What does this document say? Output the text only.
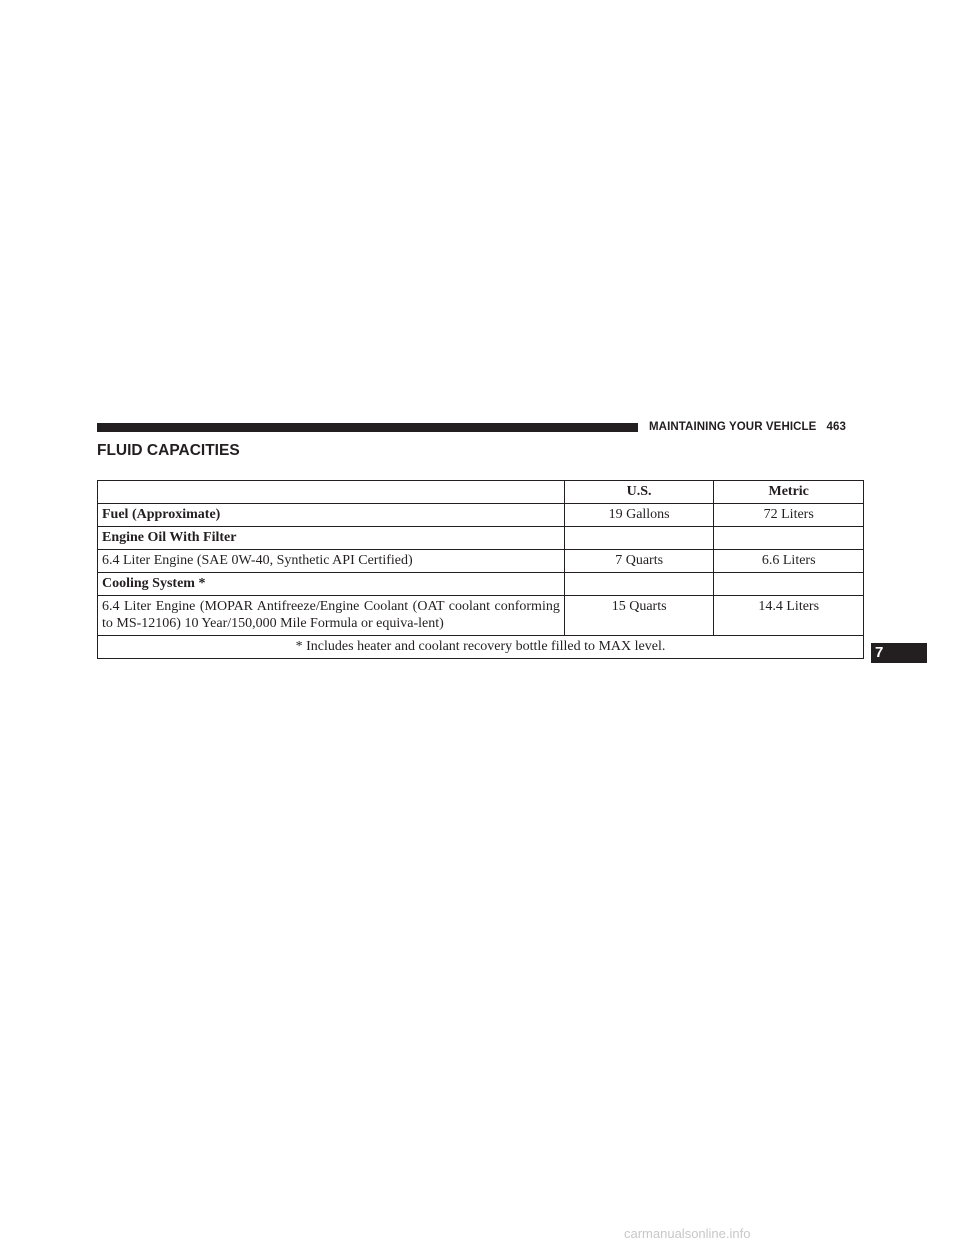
MAINTAINING YOUR VEHICLE 463
FLUID CAPACITIES
	U.S.	Metric
Fuel (Approximate)	19 Gallons	72 Liters
Engine Oil With Filter		
6.4 Liter Engine (SAE 0W-40, Synthetic API Certified)	7 Quarts	6.6 Liters
Cooling System *		
6.4 Liter Engine (MOPAR Antifreeze/Engine Coolant (OAT coolant conforming to MS-12106) 10 Year/150,000 Mile Formula or equiva-lent)	15 Quarts	14.4 Liters
* Includes heater and coolant recovery bottle filled to MAX level.			7
carmanualsonline.info
